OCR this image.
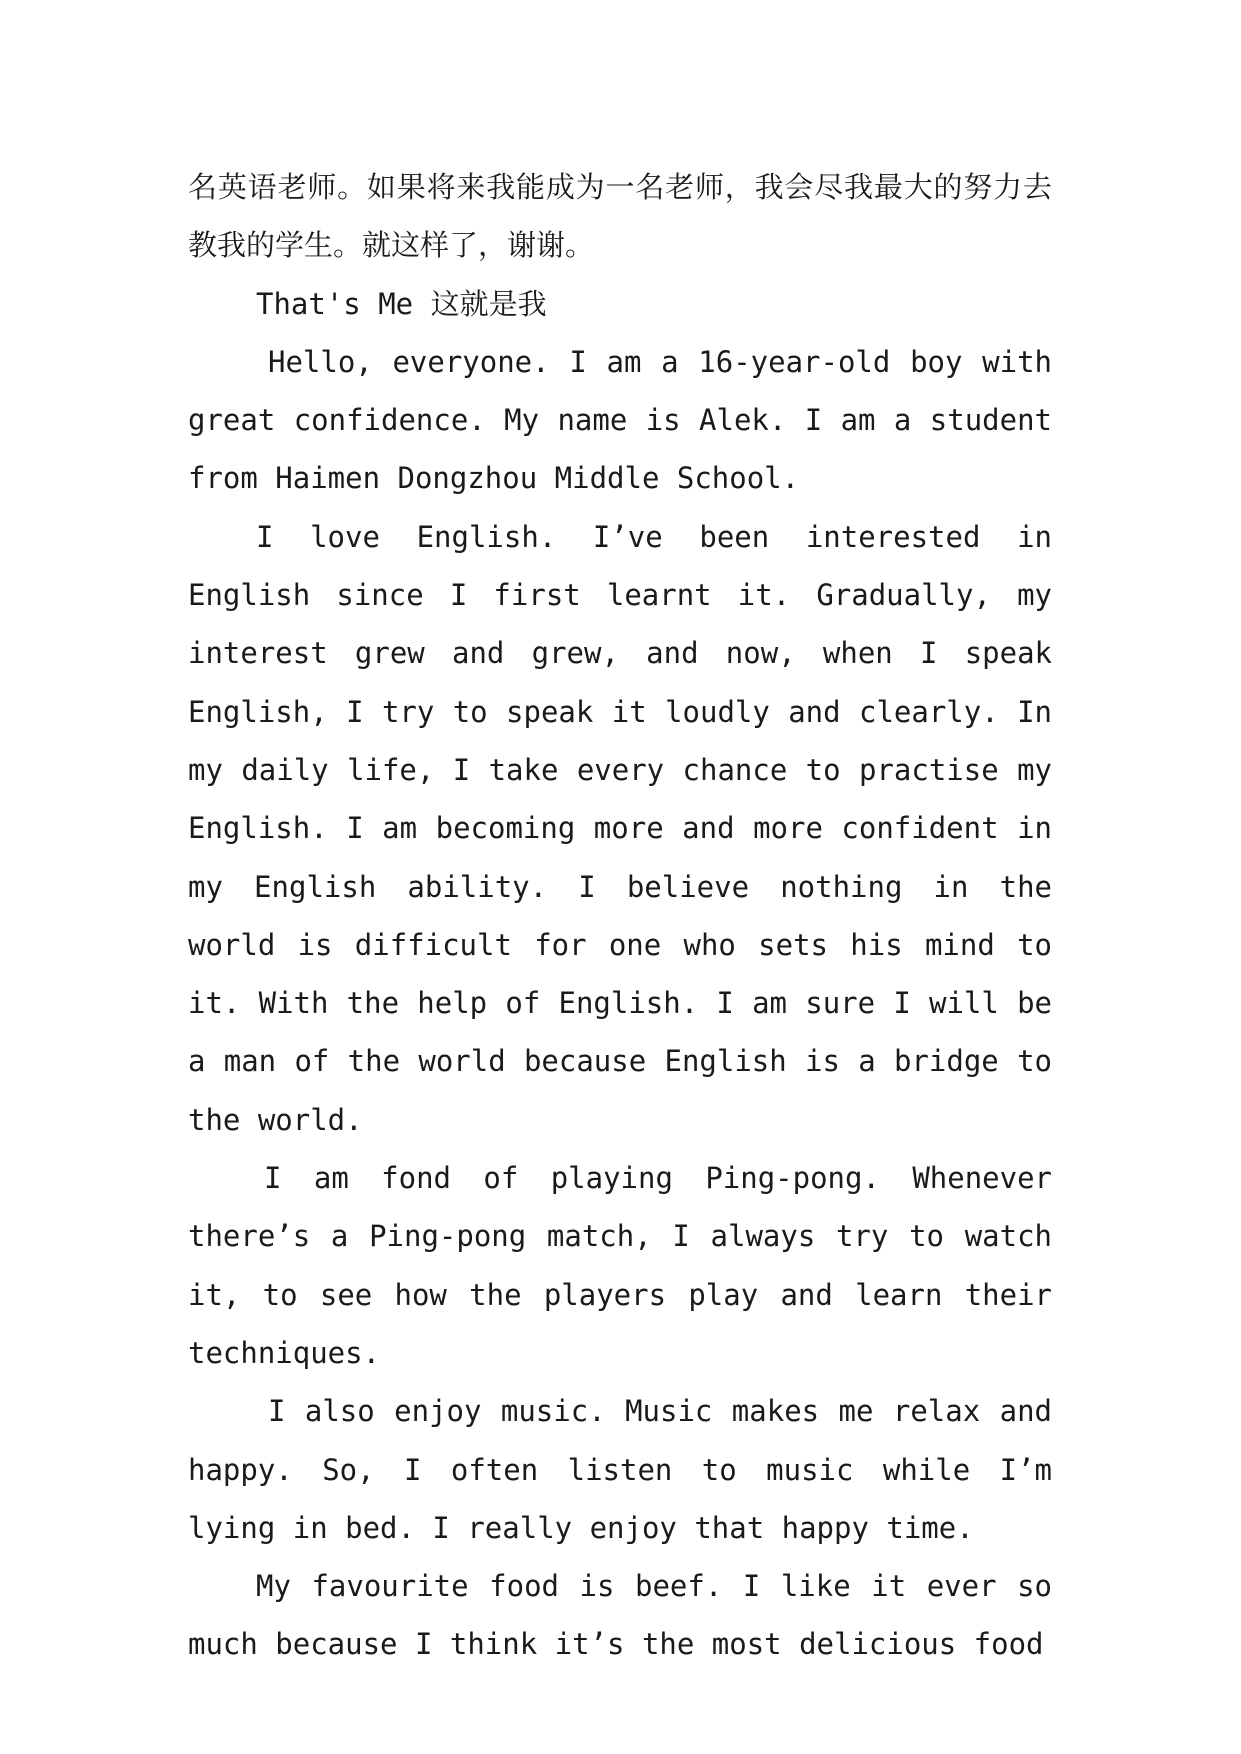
名英语老师。如果将来我能成为一名老师，我会尽我最大的努力去教我的学生。就这样了，谢谢。

That's Me 这就是我

Hello, everyone. I am a 16-year-old boy with great confidence. My name is Alek. I am a student from Haimen Dongzhou Middle School.

I love English. I’ve been interested in English since I first learnt it. Gradually, my interest grew and grew, and now, when I speak English, I try to speak it loudly and clearly. In my daily life, I take every chance to practise my English. I am becoming more and more confident in my English ability. I believe nothing in the world is difficult for one who sets his mind to it. With the help of English. I am sure I will be a man of the world because English is a bridge to the world.

I am fond of playing Ping-pong. Whenever there’s a Ping-pong match, I always try to watch it, to see how the players play and learn their techniques.

I also enjoy music. Music makes me relax and happy. So, I often listen to music while I’m lying in bed. I really enjoy that happy time.

My favourite food is beef. I like it ever so much because I think it’s the most delicious food
